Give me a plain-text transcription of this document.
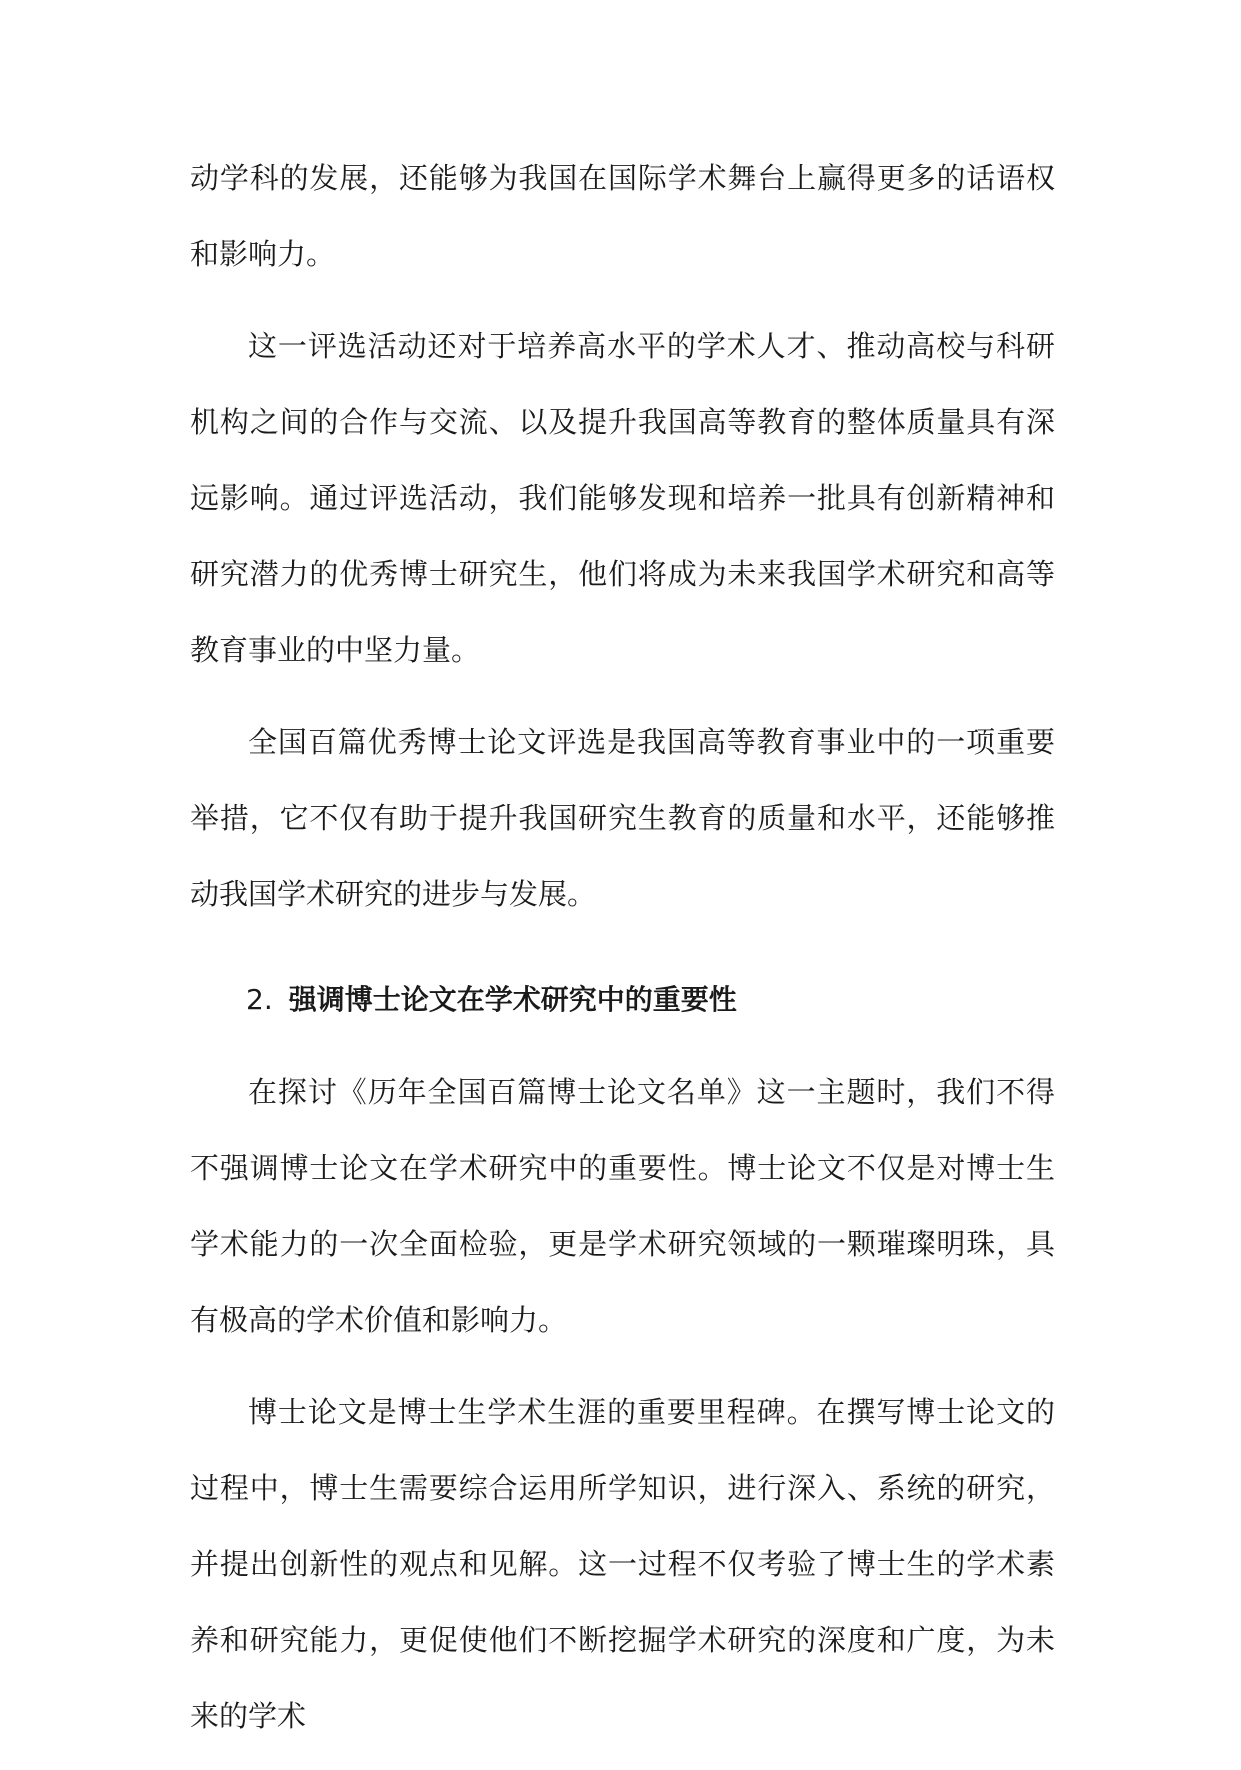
动学科的发展，还能够为我国在国际学术舞台上赢得更多的话语权和影响力。

这一评选活动还对于培养高水平的学术人才、推动高校与科研机构之间的合作与交流、以及提升我国高等教育的整体质量具有深远影响。通过评选活动，我们能够发现和培养一批具有创新精神和研究潜力的优秀博士研究生，他们将成为未来我国学术研究和高等教育事业的中坚力量。

全国百篇优秀博士论文评选是我国高等教育事业中的一项重要举措，它不仅有助于提升我国研究生教育的质量和水平，还能够推动我国学术研究的进步与发展。

2. 强调博士论文在学术研究中的重要性

在探讨《历年全国百篇博士论文名单》这一主题时，我们不得不强调博士论文在学术研究中的重要性。博士论文不仅是对博士生学术能力的一次全面检验，更是学术研究领域的一颗璀璨明珠，具有极高的学术价值和影响力。

博士论文是博士生学术生涯的重要里程碑。在撰写博士论文的过程中，博士生需要综合运用所学知识，进行深入、系统的研究，并提出创新性的观点和见解。这一过程不仅考验了博士生的学术素养和研究能力，更促使他们不断挖掘学术研究的深度和广度，为未来的学术
